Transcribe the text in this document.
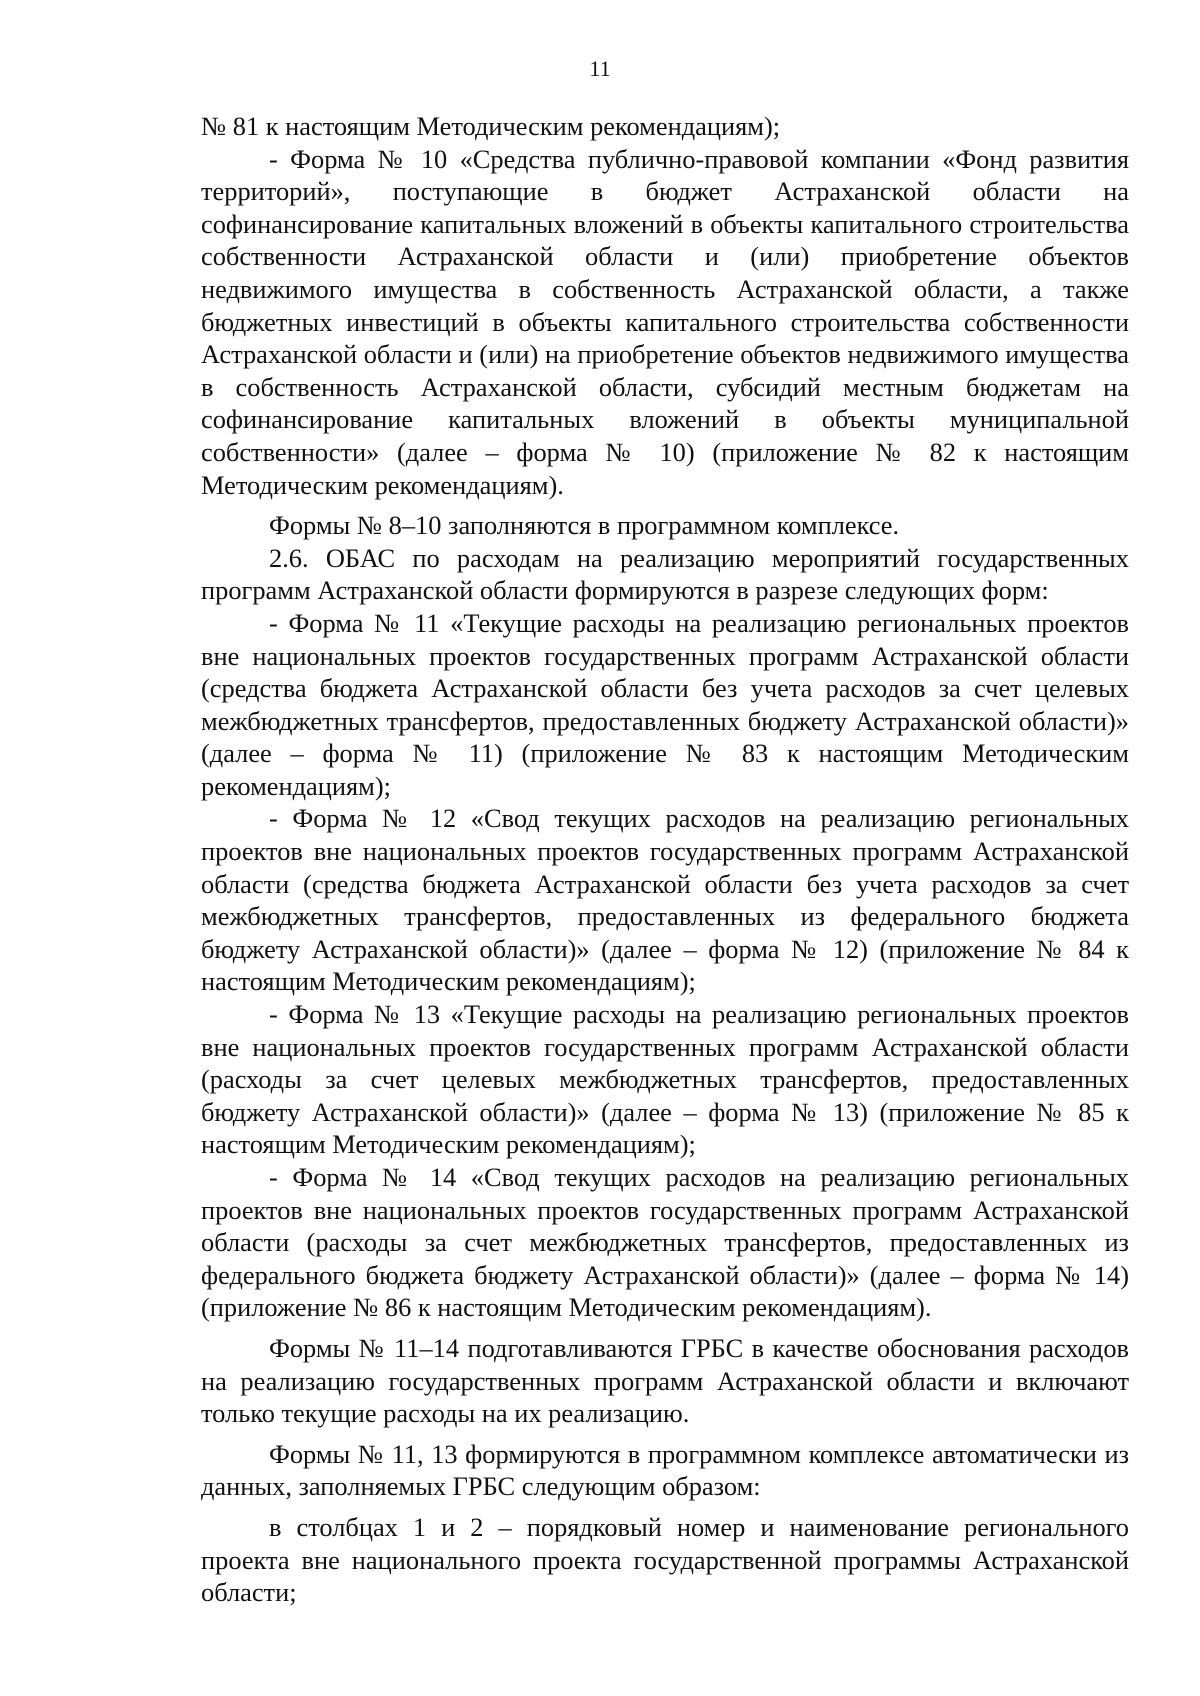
11

№ 81 к настоящим Методическим рекомендациям);

- Форма № 10 «Средства публично-правовой компании «Фонд развития территорий», поступающие в бюджет Астраханской области на софинансирование капитальных вложений в объекты капитального строительства собственности Астраханской области и (или) приобретение объектов недвижимого имущества в собственность Астраханской области, а также бюджетных инвестиций в объекты капитального строительства собственности Астраханской области и (или) на приобретение объектов недвижимого имущества в собственность Астраханской области, субсидий местным бюджетам на софинансирование капитальных вложений в объекты муниципальной собственности» (далее – форма № 10) (приложение № 82 к настоящим Методическим рекомендациям).

Формы № 8–10 заполняются в программном комплексе.

2.6. ОБАС по расходам на реализацию мероприятий государственных программ Астраханской области формируются в разрезе следующих форм:

- Форма № 11 «Текущие расходы на реализацию региональных проектов вне национальных проектов государственных программ Астраханской области (средства бюджета Астраханской области без учета расходов за счет целевых межбюджетных трансфертов, предоставленных бюджету Астраханской области)» (далее – форма № 11) (приложение № 83 к настоящим Методическим рекомендациям);

- Форма № 12 «Свод текущих расходов на реализацию региональных проектов вне национальных проектов государственных программ Астраханской области (средства бюджета Астраханской области без учета расходов за счет межбюджетных трансфертов, предоставленных из федерального бюджета бюджету Астраханской области)» (далее – форма № 12) (приложение № 84 к настоящим Методическим рекомендациям);

- Форма № 13 «Текущие расходы на реализацию региональных проектов вне национальных проектов государственных программ Астраханской области (расходы за счет целевых межбюджетных трансфертов, предоставленных бюджету Астраханской области)» (далее – форма № 13) (приложение № 85 к настоящим Методическим рекомендациям);

- Форма № 14 «Свод текущих расходов на реализацию региональных проектов вне национальных проектов государственных программ Астраханской области (расходы за счет межбюджетных трансфертов, предоставленных из федерального бюджета бюджету Астраханской области)» (далее – форма № 14) (приложение № 86 к настоящим Методическим рекомендациям).

Формы № 11–14 подготавливаются ГРБС в качестве обоснования расходов на реализацию государственных программ Астраханской области и включают только текущие расходы на их реализацию.

Формы № 11, 13 формируются в программном комплексе автоматически из данных, заполняемых ГРБС следующим образом:

в столбцах 1 и 2 – порядковый номер и наименование регионального проекта вне национального проекта государственной программы Астраханской области;
